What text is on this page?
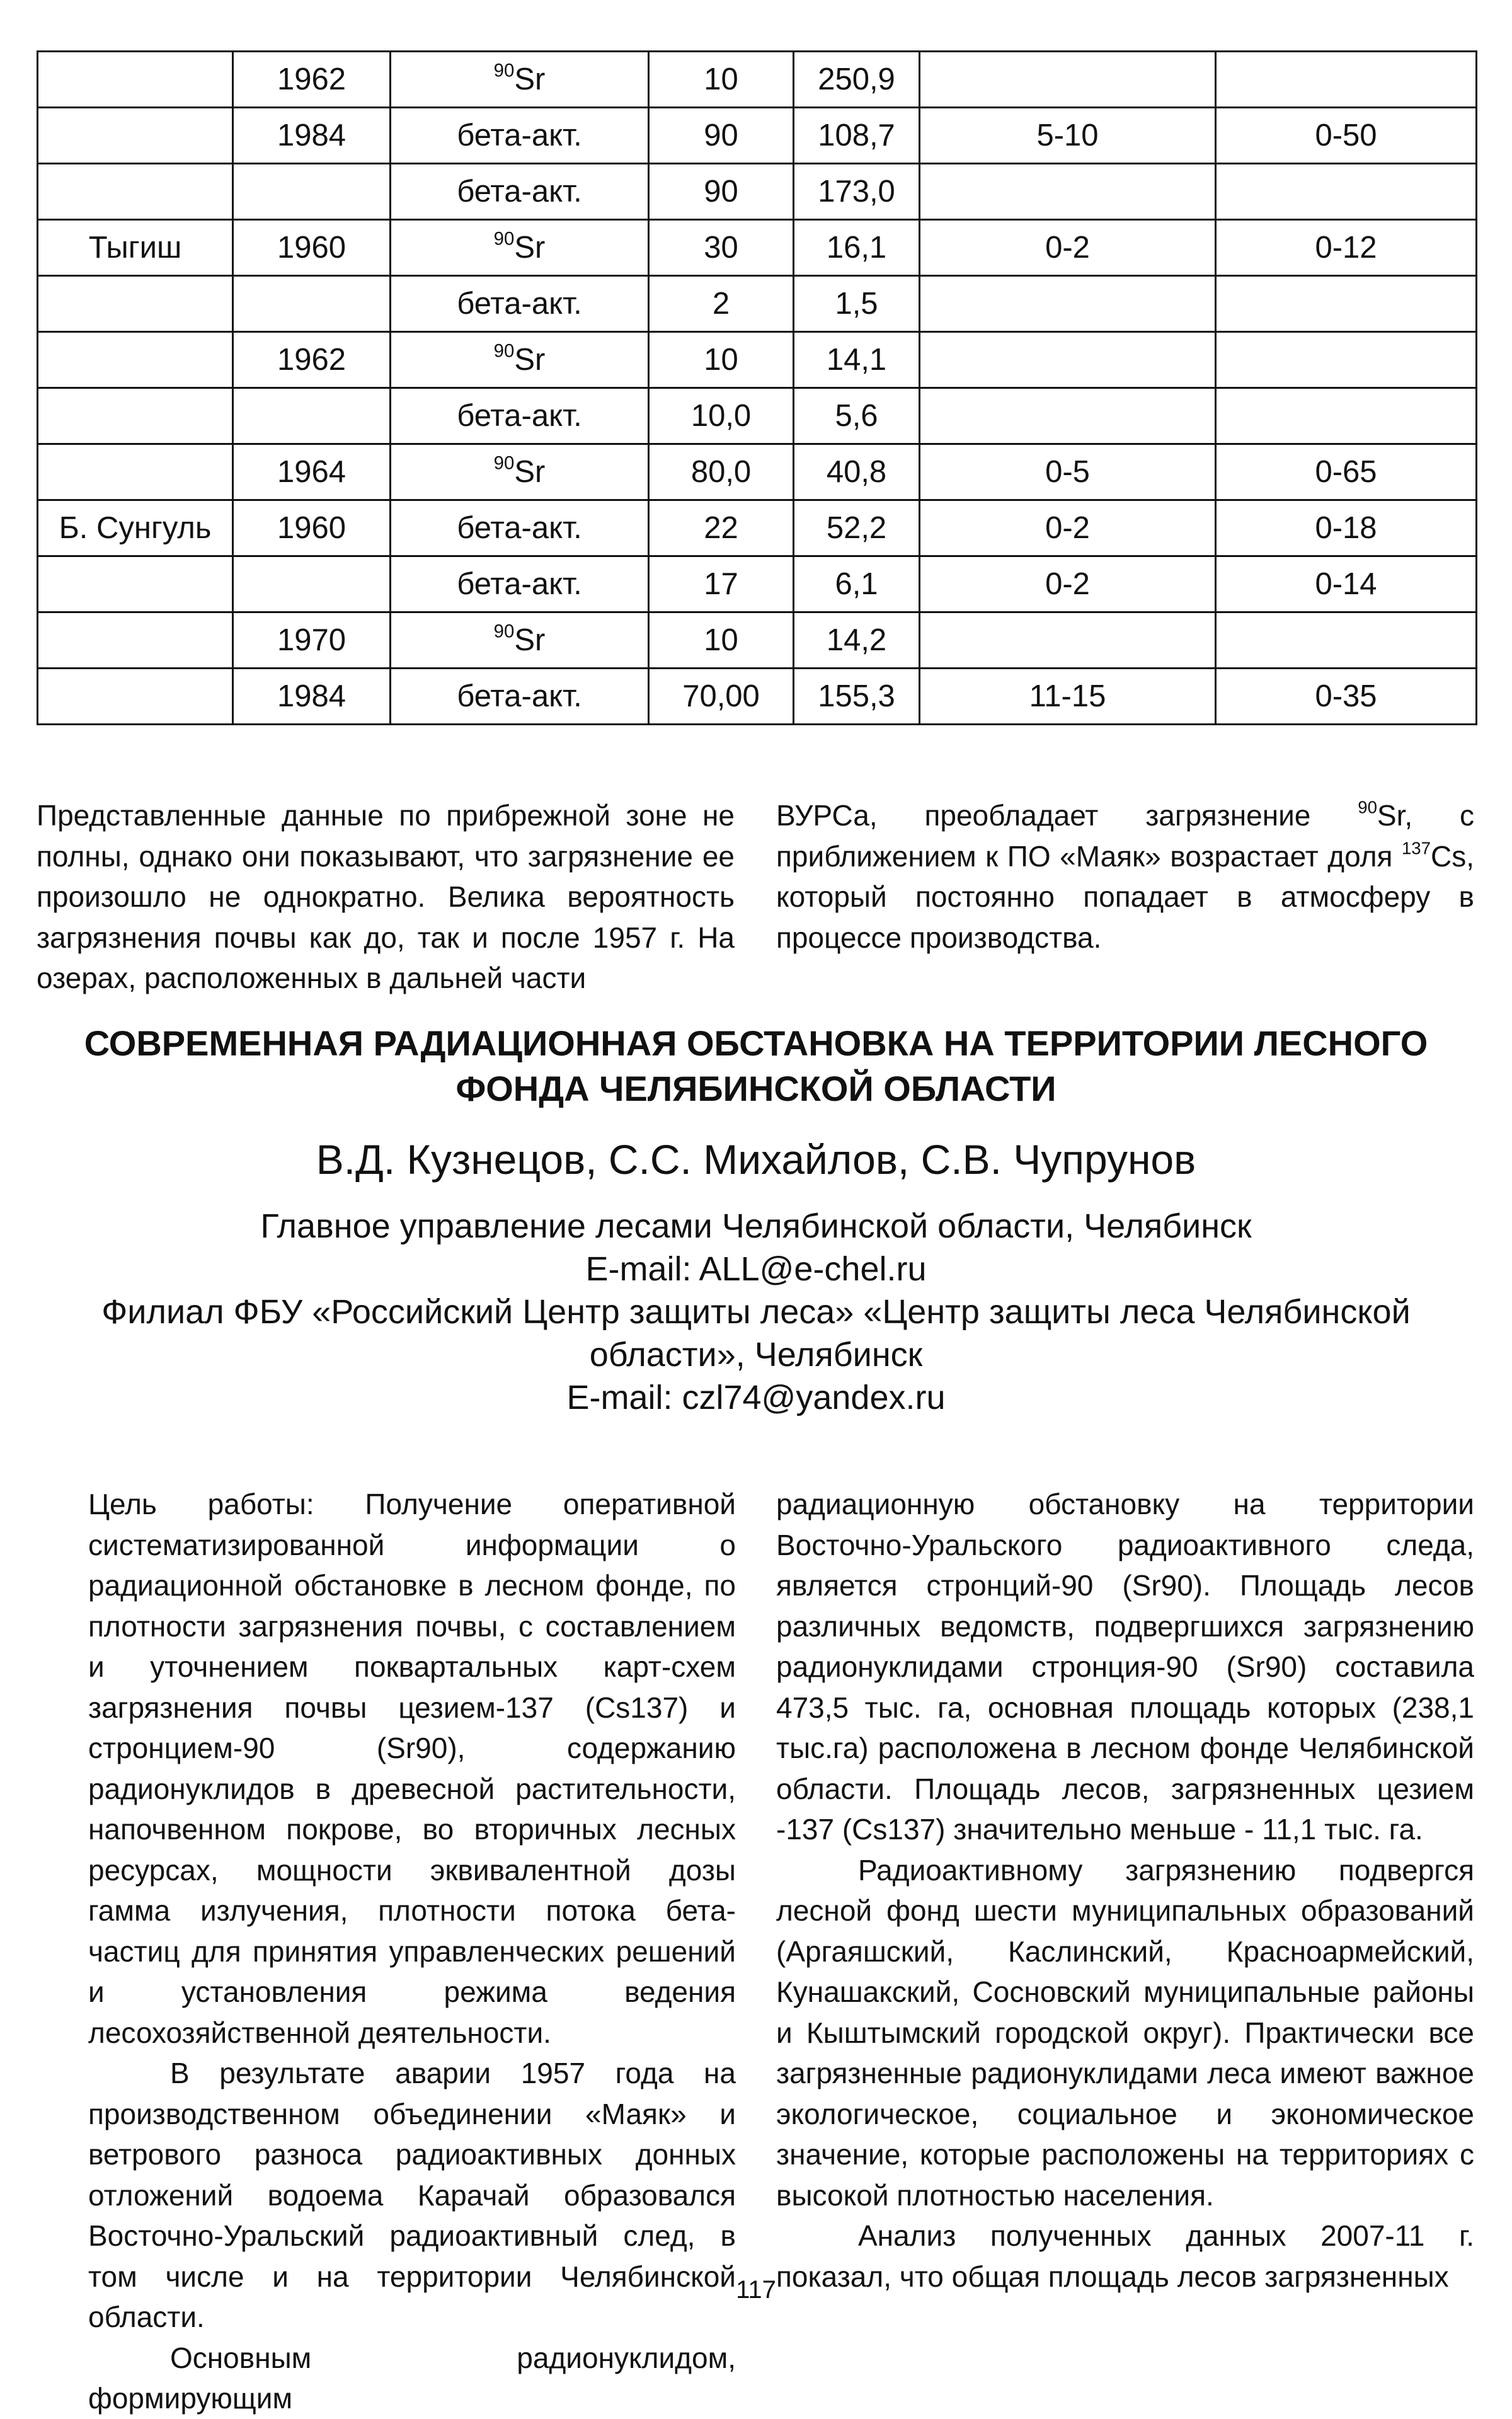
	1962	$^{90}$Sr	10	250,9		
	1984	бета-акт.	90	108,7	5-10	0-50
		бета-акт.	90	173,0		
Тыгиш	1960	$^{90}$Sr	30	16,1	0-2	0-12
		бета-акт.	2	1,5		
	1962	$^{90}$Sr	10	14,1		
		бета-акт.	10,0	5,6		
	1964	$^{90}$Sr	80,0	40,8	0-5	0-65
Б. Сунгуль	1960	бета-акт.	22	52,2	0-2	0-18
		бета-акт.	17	6,1	0-2	0-14
	1970	$^{90}$Sr	10	14,2		
	1984	бета-акт.	70,00	155,3	11-15	0-35

Представленные данные по прибрежной зоне не полны, однако они показывают, что загрязнение ее произошло не однократно. Велика вероятность загрязнения почвы как до, так и после 1957 г. На озерах, расположенных в дальней части

ВУРСа, преобладает загрязнение $^{90}$Sr, с приближением к ПО «Маяк» возрастает доля $^{137}$Cs, который постоянно попадает в атмосферу в процессе производства.

СОВРЕМЕННАЯ РАДИАЦИОННАЯ ОБСТАНОВКА НА ТЕРРИТОРИИ ЛЕСНОГО
ФОНДА ЧЕЛЯБИНСКОЙ ОБЛАСТИ
В.Д. Кузнецов, С.С. Михайлов, С.В. Чупрунов
Главное управление лесами Челябинской области, Челябинск
E-mail: ALL@e-chel.ru
Филиал ФБУ «Российский Центр защиты леса» «Центр защиты леса Челябинской
области», Челябинск
E-mail: czl74@yandex.ru

Цель работы: Получение оперативной систематизированной информации о радиационной обстановке в лесном фонде, по плотности загрязнения почвы, с составлением и уточнением поквартальных карт-схем загрязнения почвы цезием-137 (Cs137) и стронцием-90 (Sr90), содержанию радионуклидов в древесной растительности, напочвенном покрове, во вторичных лесных ресурсах, мощности эквивалентной дозы гамма излучения, плотности потока бета-частиц для принятия управленческих решений и установления режима ведения лесохозяйственной деятельности.

В результате аварии 1957 года на производственном объединении «Маяк» и ветрового разноса радиоактивных донных отложений водоема Карачай образовался Восточно-Уральский радиоактивный след, в том числе и на территории Челябинской области.

Основным радионуклидом, формирующим

радиационную обстановку на территории Восточно-Уральского радиоактивного следа, является стронций-90 (Sr90). Площадь лесов различных ведомств, подвергшихся загрязнению радионуклидами стронция-90 (Sr90) составила 473,5 тыс. га, основная площадь которых (238,1 тыс.га) расположена в лесном фонде Челябинской области. Площадь лесов, загрязненных цезием -137 (Cs137) значительно меньше - 11,1 тыс. га.

Радиоактивному загрязнению подвергся лесной фонд шести муниципальных образований (Аргаяшский, Каслинский, Красноармейский, Кунашакский, Сосновский муниципальные районы и Кыштымский городской округ). Практически все загрязненные радионуклидами леса имеют важное экологическое, социальное и экономическое значение, которые расположены на территориях с высокой плотностью населения.

Анализ полученных данных 2007-11 г. показал, что общая площадь лесов загрязненных

117
